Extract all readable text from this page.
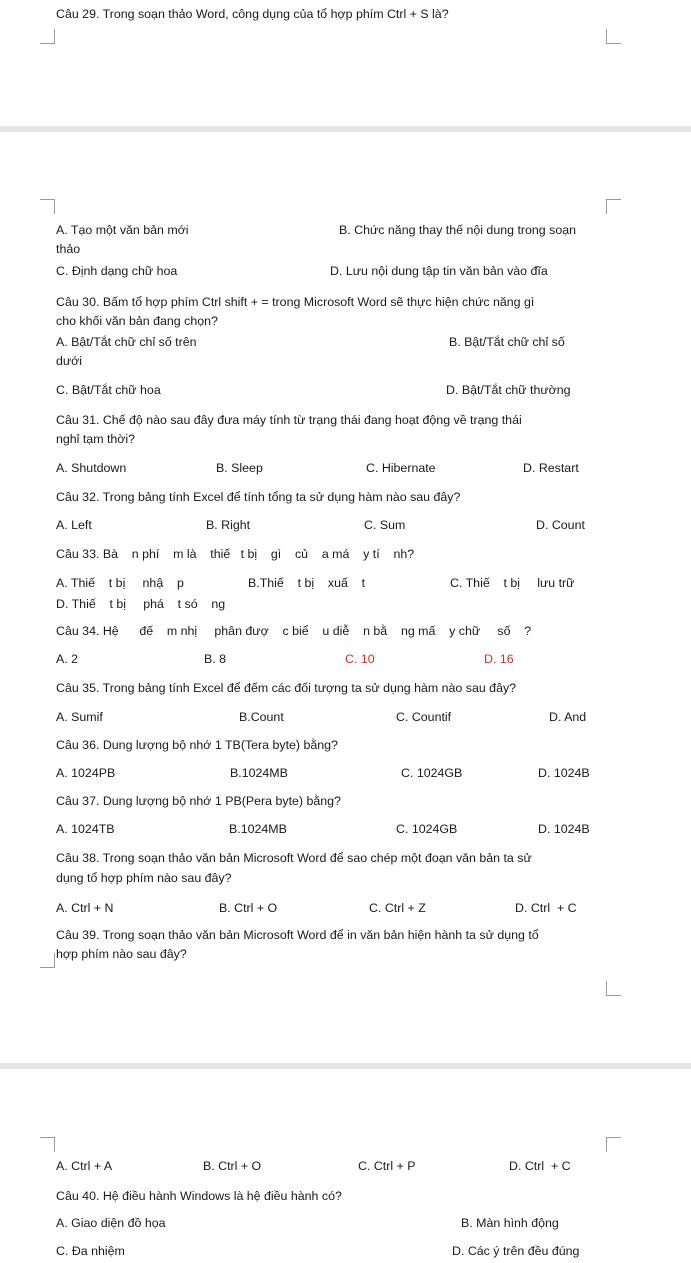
Câu 29. Trong soạn thảo Word, công dụng của tổ hợp phím Ctrl + S là?
A. Tạo một văn bản mới	B. Chức năng thay thế nội dung trong soạn
thảo
C. Định dạng chữ hoa	D. Lưu nội dung tập tin văn bản vào đĩa
Câu 30. Bấm tổ hợp phím Ctrl shift + = trong Microsoft Word sẽ thực hiện chức năng gì
cho khối văn bản đang chọn?
A. Bật/Tắt chữ chỉ số trên	B. Bật/Tắt chữ chỉ số
dưới
C. Bật/Tắt chữ hoa	D. Bật/Tắt chữ thường
Câu 31. Chế độ nào sau đây đưa máy tính từ trạng thái đang hoạt động về trạng thái
nghỉ tạm thời?
A. Shutdown	B. Sleep	C. Hibernate	D. Restart
Câu 32. Trong bảng tính Excel để tính tổng ta sử dụng hàm nào sau đây?
A. Left	B. Right	C. Sum	D. Count
Câu 33. Bà    n phí    m là    thiế   t bị    gì    củ    a má    y tí    nh?
A. Thiế    t bị     nhậ    p	B.Thiế    t bị    xuấ    t	C. Thiế    t bị     lưu trữ
D. Thiế    t bị     phá    t só    ng
Câu 34. Hệ      đế    m nhị     phân đượ    c biể    u diễ    n bằ    ng mấ    y chữ     số    ?
A. 2	B. 8	C. 10	D. 16
Câu 35. Trong bảng tính Excel để đếm các đối tượng ta sử dụng hàm nào sau đây?
A. Sumif	B.Count	C. Countif	D. And
Câu 36. Dung lượng bộ nhớ 1 TB(Tera byte) bằng?
A. 1024PB	B.1024MB	C. 1024GB	D. 1024B
Câu 37. Dung lượng bộ nhớ 1 PB(Pera byte) bằng?
A. 1024TB	B.1024MB	C. 1024GB	D. 1024B
Câu 38. Trong soạn thảo văn bản Microsoft Word để sao chép một đoạn văn bản ta sử
dụng tổ hợp phím nào sau đây?
A. Ctrl + N	B. Ctrl + O	C. Ctrl + Z	D. Ctrl  + C
Câu 39. Trong soạn thảo văn bản Microsoft Word để in văn bản hiện hành ta sử dụng tổ
hợp phím nào sau đây?
A. Ctrl + A	B. Ctrl + O	C. Ctrl + P	D. Ctrl  + C
Câu 40. Hệ điều hành Windows là hệ điều hành có?
A. Giao diện đồ họa	B. Màn hình động
C. Đa nhiệm	D. Các ý trên đều đúng
